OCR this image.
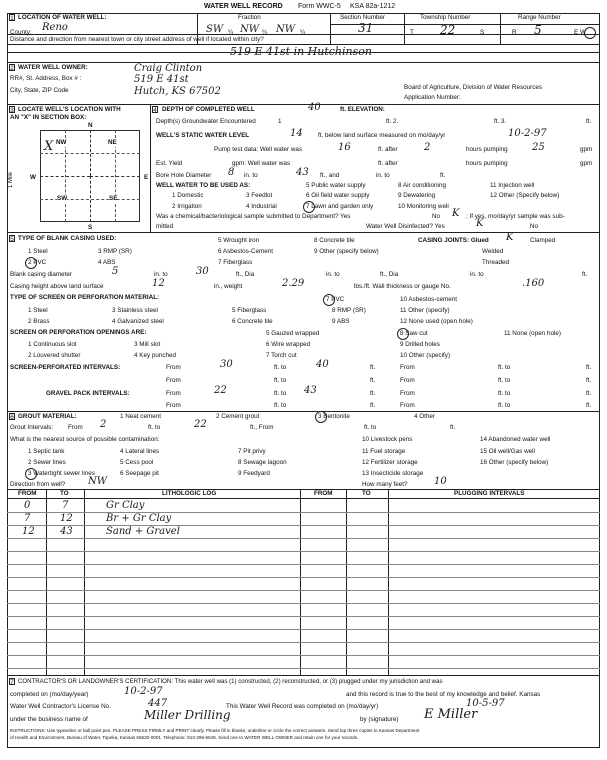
WATER WELL RECORD Form WWC-5 KSA 82a-1212
1 LOCATION OF WATER WELL:	Fraction	Section Number	Township Number	Range Number
County: Reno	SW ¼ NW ¼ NW ¼	31	T 22	S	R 5	E W
Distance and direction from nearest town or city street address of well if located within city?
519 E 41st in Hutchinson
2 WATER WELL OWNER:	Craig Clinton
RR#, St. Address, Box # :	519 E 41st
City, State, ZIP Code	Hutch, KS 67502	Board of Agriculture, Division of Water Resources
Application Number:
3 LOCATE WELL'S LOCATION WITH
AN "X" IN SECTION BOX:
N
S
W	E
1 Mile
NW	NE
SW	SE
X
4 DEPTH OF COMPLETED WELL	40	ft. ELEVATION:
Depth(s) Groundwater Encountered	1	ft. 2.	ft. 3.	ft.
WELL'S STATIC WATER LEVEL	14 ft. below land surface measured on mo/day/yr	10-2-97
Pump test data: Well water was	16	ft. after	2	hours pumping 25	gpm
Est. Yield	gpm: Well water was	ft. after	hours pumping	gpm
Bore Hole Diameter 8 in. to	43 ft., and	in. to	ft.
WELL WATER TO BE USED AS:	5 Public water supply	8 Air conditioning	11 Injection well
1 Domestic	3 Feedlot	6 Oil field water supply	9 Dewatering	12 Other (Specify below)
2 Irrigation	4 Industrial	7 Lawn and garden only	10 Monitoring well
Was a chemical/bacteriological sample submitted to Department? Yes	No K ; If yes, mo/day/yr sample was sub-
mitted	Water Well Disinfected? Yes	K	No
5 TYPE OF BLANK CASING USED:	5 Wrought iron	8 Concrete tile	CASING JOINTS: Glued K	Clamped
1 Steel	3 RMP (SR)	6 Asbestos-Cement	9 Other (specify below)	Welded
2 PVC	4 ABS	7 Fiberglass	Threaded
Blank casing diameter	5	in. to	30	ft., Dia	in. to	ft., Dia	in. to	ft.
Casing height above land surface	12	in., weight	2.29	lbs./ft. Wall thickness or gauge No.	.160
TYPE OF SCREEN OR PERFORATION MATERIAL:	7 PVC	10 Asbestos-cement
1 Steel	3 Stainless steel	5 Fiberglass	8 RMP (SR)	11 Other (specify)
2 Brass	4 Galvanized steel	6 Concrete tile	9 ABS	12 None used (open hole)
SCREEN OR PERFORATION OPENINGS ARE:	5 Gauzed wrapped	8 Saw cut	11 None (open hole)
1 Continuous slot	3 Mill slot	6 Wire wrapped	9 Drilled holes
2 Louvered shutter	4 Key punched	7 Torch cut	10 Other (specify)
SCREEN-PERFORATED INTERVALS:	From	30	ft. to	40	ft.	From	ft. to	ft.
From	ft. to	ft.	From	ft. to	ft.
GRAVEL PACK INTERVALS:	From	22	ft. to 43	ft.	From	ft. to	ft.
From	ft. to	ft.	From	ft. to	ft.
6 GROUT MATERIAL:	1 Neat cement	2 Cement grout	3 Bentonite	4 Other
Grout Intervals: From 2	ft. to	22	ft., From	ft. to	ft.
What is the nearest source of possible contamination:	10 Livestock pens	14 Abandoned water well
1 Septic tank	4 Lateral lines	7 Pit privy	11 Fuel storage	15 Oil well/Gas well
2 Sewer lines	5 Cess pool	8 Sewage lagoon	12 Fertilizer storage	16 Other (specify below)
3 Watertight sewer lines	6 Seepage pit	9 Feedyard	13 Insecticide storage
Direction from well? NW	How many feet?	10
FROM	TO	LITHOLOGIC LOG	FROM	TO	PLUGGING INTERVALS
0	7	Gr Clay
7	12	Br + Gr Clay
12	43	Sand + Gravel
7 CONTRACTOR'S OR LANDOWNER'S CERTIFICATION: This water well was (1) constructed, (2) reconstructed, or (3) plugged under my jurisdiction and was
completed on (mo/day/year)	10-2-97	and this record is true to the best of my knowledge and belief. Kansas
Water Well Contractor's License No.	447	This Water Well Record was completed on (mo/day/yr)	10-5-97
under the business name of	Miller Drilling	by (signature) E Miller
INSTRUCTIONS: Use typewriter or ball point pen. PLEASE PRESS FIRMLY and PRINT clearly. Please fill in blanks, underline or circle the correct answers. Send top three copies to Kansas Department
of Health and Environment, Bureau of Water, Topeka, Kansas 66620-0001. Telephone: 913-296-5545. Send one to WATER WELL OWNER and retain one for your records.
